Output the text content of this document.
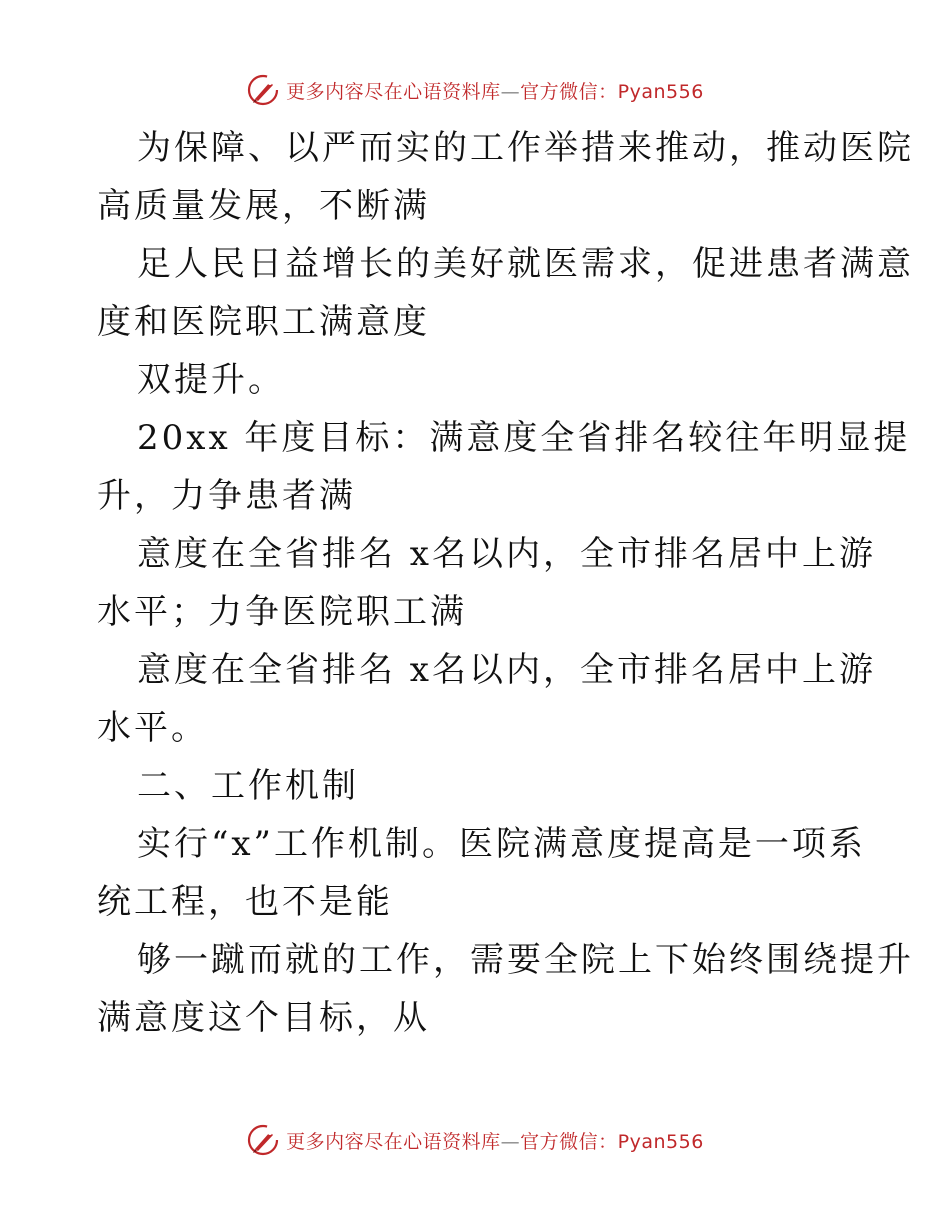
更多内容尽在心语资料库—官方微信：Pyan556
为保障、以严而实的工作举措来推动，推动医院
高质量发展，不断满
足人民日益增长的美好就医需求，促进患者满意
度和医院职工满意度
双提升。
20xx 年度目标：满意度全省排名较往年明显提
升，力争患者满
意度在全省排名 x名以内，全市排名居中上游
水平；力争医院职工满
意度在全省排名 x名以内，全市排名居中上游
水平。
二、工作机制
实行“x”工作机制。医院满意度提高是一项系
统工程，也不是能
够一蹴而就的工作，需要全院上下始终围绕提升
满意度这个目标，从
更多内容尽在心语资料库—官方微信：Pyan556
